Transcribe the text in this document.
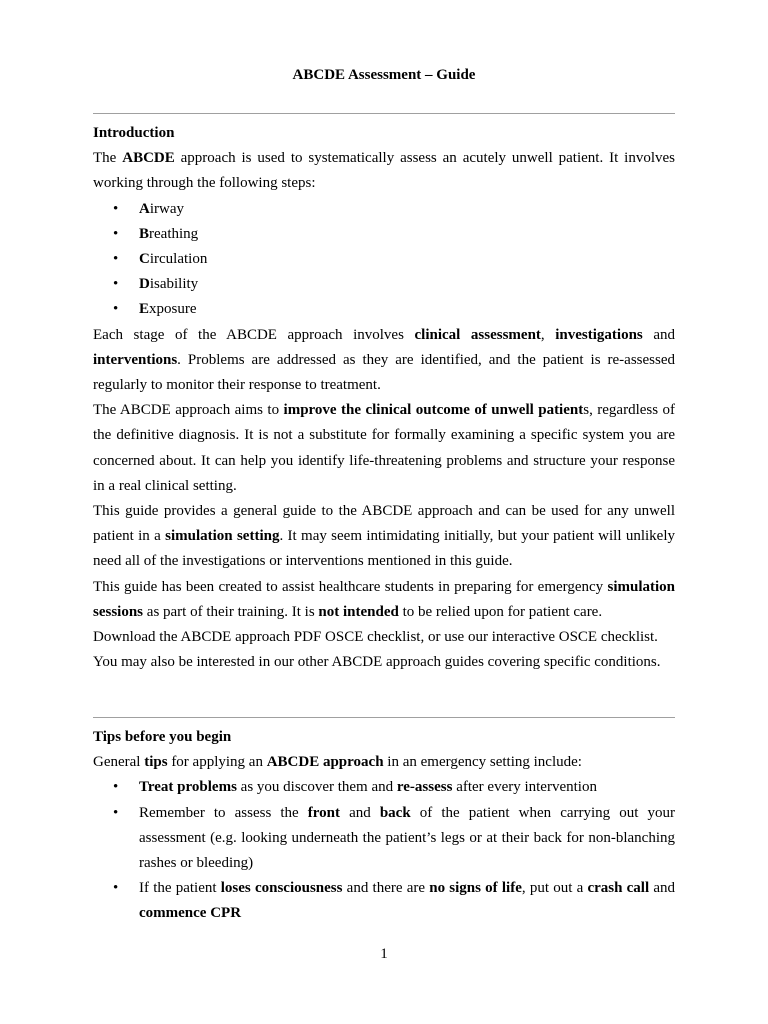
ABCDE Assessment – Guide
Introduction

The ABCDE approach is used to systematically assess an acutely unwell patient. It involves working through the following steps:

• Airway
• Breathing
• Circulation
• Disability
• Exposure

Each stage of the ABCDE approach involves clinical assessment, investigations and interventions. Problems are addressed as they are identified, and the patient is re-assessed regularly to monitor their response to treatment.

The ABCDE approach aims to improve the clinical outcome of unwell patients, regardless of the definitive diagnosis. It is not a substitute for formally examining a specific system you are concerned about. It can help you identify life-threatening problems and structure your response in a real clinical setting.

This guide provides a general guide to the ABCDE approach and can be used for any unwell patient in a simulation setting. It may seem intimidating initially, but your patient will unlikely need all of the investigations or interventions mentioned in this guide.

This guide has been created to assist healthcare students in preparing for emergency simulation sessions as part of their training. It is not intended to be relied upon for patient care.

Download the ABCDE approach PDF OSCE checklist, or use our interactive OSCE checklist.

You may also be interested in our other ABCDE approach guides covering specific conditions.

Tips before you begin

General tips for applying an ABCDE approach in an emergency setting include:

• Treat problems as you discover them and re-assess after every intervention
• Remember to assess the front and back of the patient when carrying out your assessment (e.g. looking underneath the patient’s legs or at their back for non-blanching rashes or bleeding)
• If the patient loses consciousness and there are no signs of life, put out a crash call and commence CPR
1
